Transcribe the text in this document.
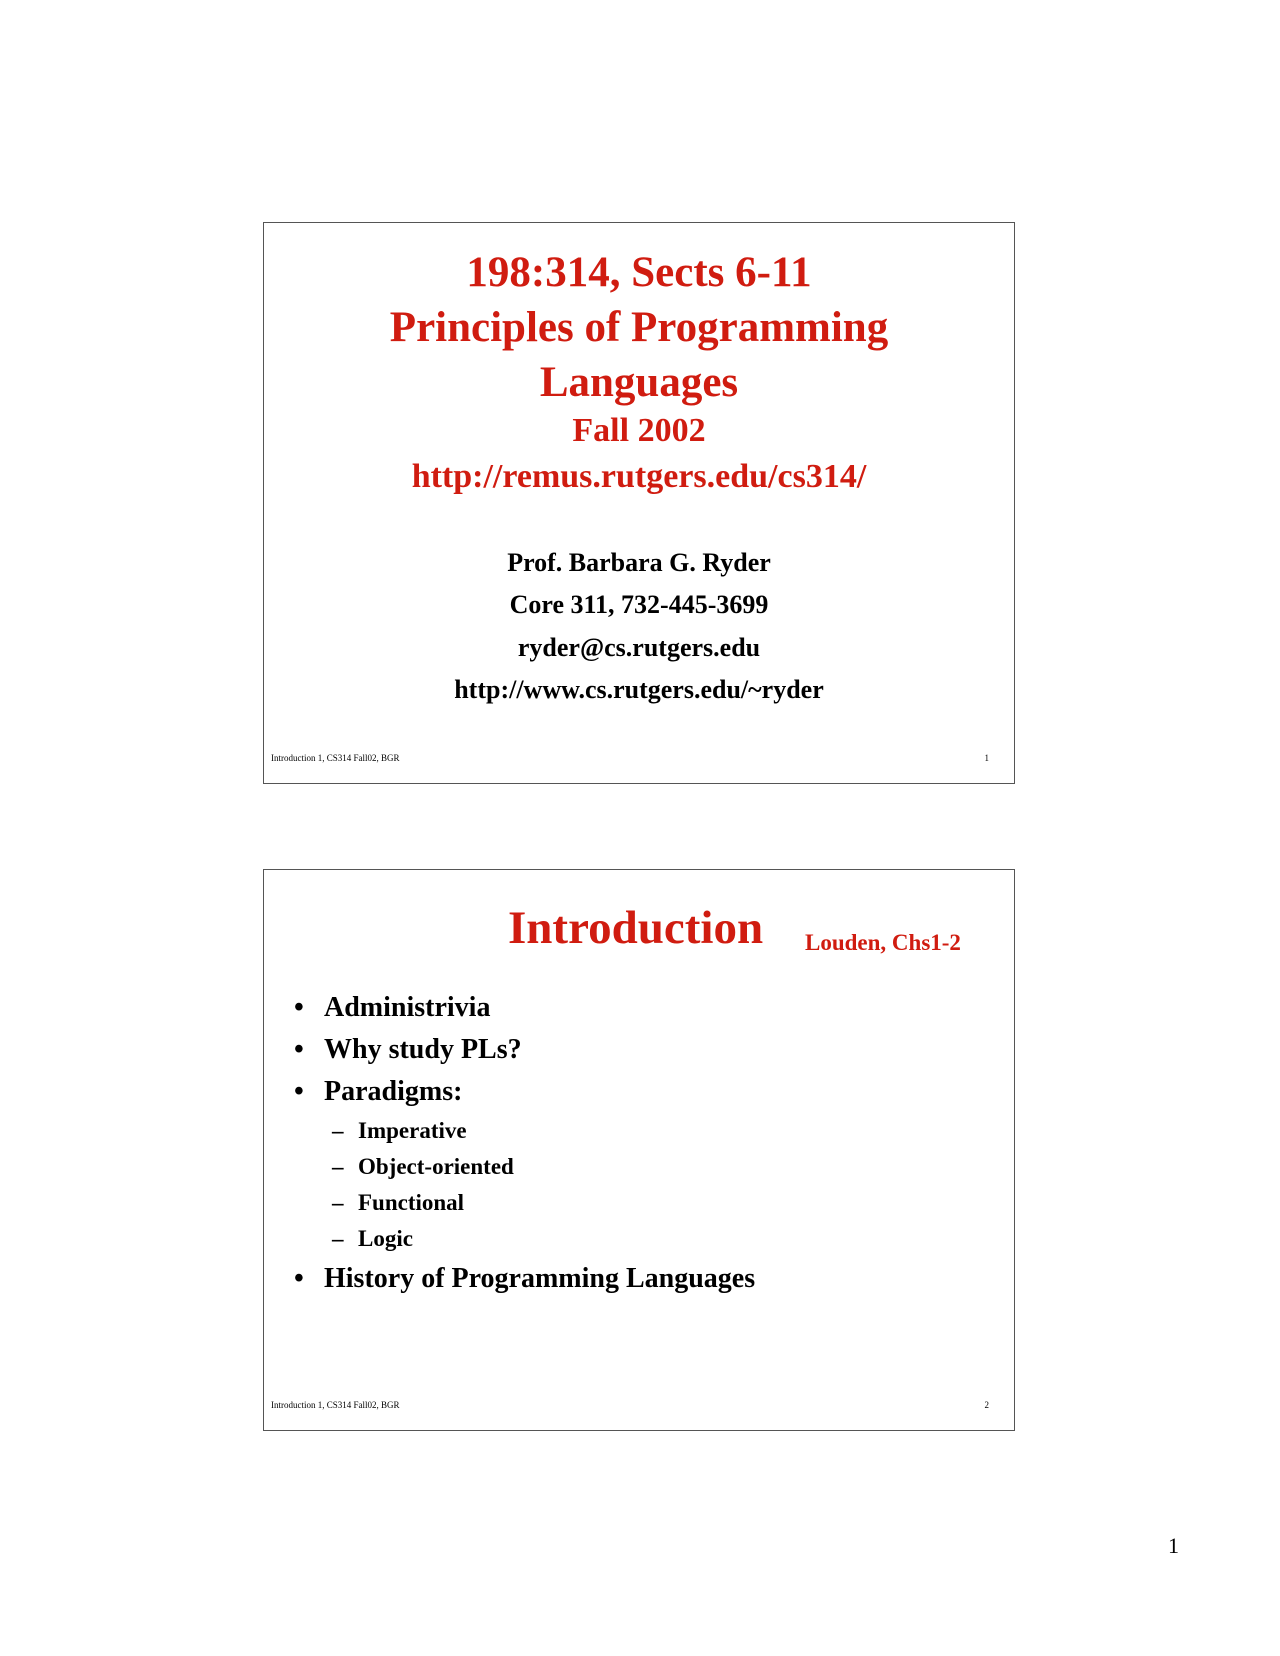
198:314, Sects 6-11
Principles of Programming
Languages
Fall 2002
http://remus.rutgers.edu/cs314/
Prof. Barbara G. Ryder
Core 311, 732-445-3699
ryder@cs.rutgers.edu
http://www.cs.rutgers.edu/~ryder
Introduction 1, CS314 Fall02, BGR	1
Introduction Louden, Chs1-2
• Administrivia
• Why study PLs?
• Paradigms:
– Imperative
– Object-oriented
– Functional
– Logic
• History of Programming Languages
Introduction 1, CS314 Fall02, BGR	2
1
